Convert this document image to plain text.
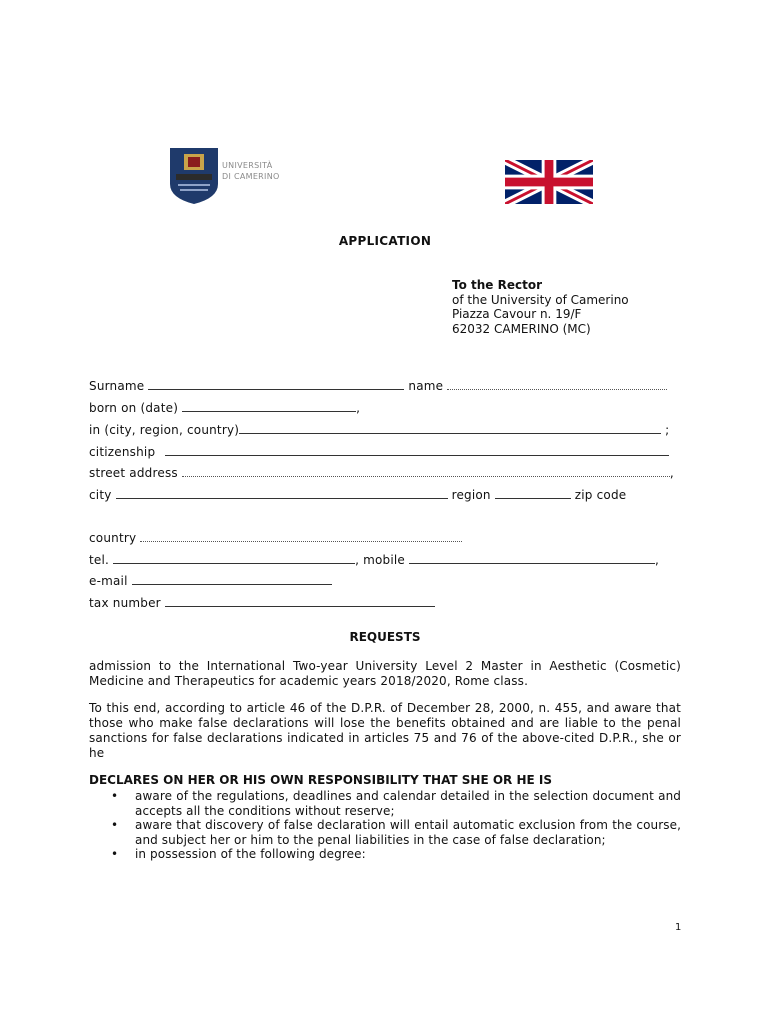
UNIVERSITÀ
DI CAMERINO
APPLICATION
To the Rector
of the University of Camerino
Piazza Cavour n. 19/F
62032 CAMERINO (MC)
Surname	name
born on (date)	,
in (city, region, country)	;
citizenship
street address	,
city	region	zip code
country
tel.	, mobile	,
e-mail
tax number
REQUESTS
admission to the International Two-year University Level 2 Master in Aesthetic (Cosmetic) Medicine and Therapeutics for academic years 2018/2020, Rome class.
To this end, according to article 46 of the D.P.R. of December 28, 2000, n. 455, and aware that those who make false declarations will lose the benefits obtained and are liable to the penal sanctions for false declarations indicated in articles 75 and 76 of the above-cited D.P.R., she or he
DECLARES ON HER OR HIS OWN RESPONSIBILITY THAT SHE OR HE IS
• aware of the regulations, deadlines and calendar detailed in the selection document and accepts all the conditions without reserve;
• aware that discovery of false declaration will entail automatic exclusion from the course, and subject her or him to the penal liabilities in the case of false declaration;
• in possession of the following degree:
1
